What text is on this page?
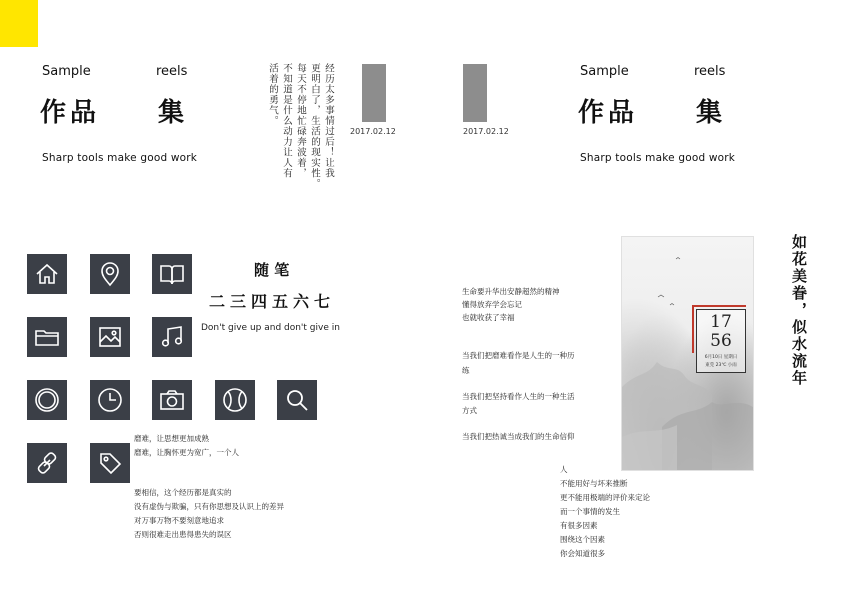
Sample	reels
作品 集
Sharp tools make good work	经历太多事情过后！让我
更明白了，生活的现实性。
每天不停地忙碌奔波着，
不知道是什么动力让人有
活着的勇气。
2017.02.12	2017.02.12
Sample	reels
作品 集
Sharp tools make good work
随 笔
二三四五六七
Don't give up and don't give in
磨难，让思想更加成熟
磨难，让胸怀更为宽广，一个人
要相信，这个经历都是真实的
没有虚伪与欺骗，只有你思想及认识上的差异
对万事万物不要刻意地追求
否则很难走出患得患失的误区
生命要升华出安静超然的精神
懂得放弃学会忘记
也就收获了幸福
当我们把磨难看作是人生的一种历
练
当我们把坚持看作人生的一种生活
方式
当我们把热诚当成我们的生命信仰
人
不能用好与坏来推断
更不能用极端的评价来定论
而一个事情的发生
有很多因素
围绕这个因素
你会知道很多
17
56
6月10日 星期日
東莞 23℃ 小雨	如花美眷，似水流年
